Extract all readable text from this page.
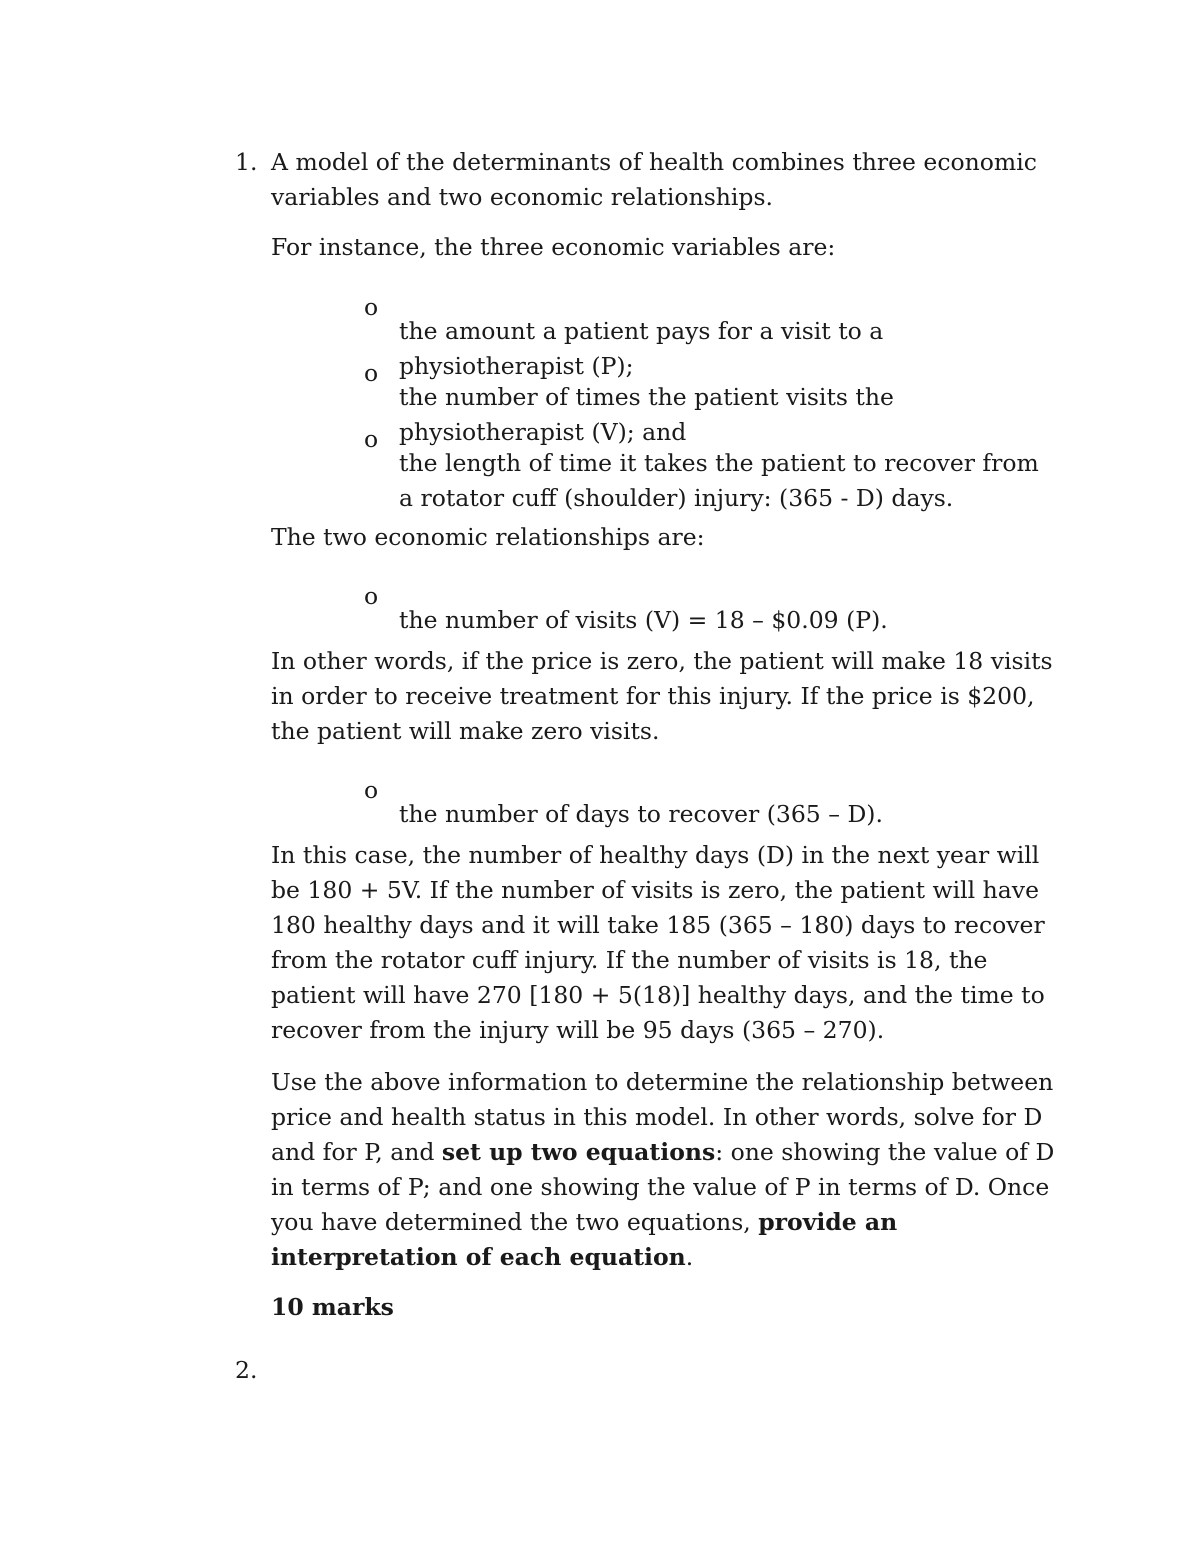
1. A model of the determinants of health combines three economic variables and two economic relationships.

For instance, the three economic variables are:

o

the amount a patient pays for a visit to a physiotherapist (P);

o

the number of times the patient visits the physiotherapist (V); and

o

the length of time it takes the patient to recover from a rotator cuff (shoulder) injury: (365 - D) days.

The two economic relationships are:

o

the number of visits (V) = 18 – $0.09 (P).

In other words, if the price is zero, the patient will make 18 visits in order to receive treatment for this injury. If the price is $200, the patient will make zero visits.

o

the number of days to recover (365 – D).

In this case, the number of healthy days (D) in the next year will be 180 + 5V. If the number of visits is zero, the patient will have 180 healthy days and it will take 185 (365 – 180) days to recover from the rotator cuff injury. If the number of visits is 18, the patient will have 270 [180 + 5(18)] healthy days, and the time to recover from the injury will be 95 days (365 – 270).

Use the above information to determine the relationship between price and health status in this model. In other words, solve for D and for P, and set up two equations: one showing the value of D in terms of P; and one showing the value of P in terms of D. Once you have determined the two equations, provide an interpretation of each equation.

10 marks

2.
